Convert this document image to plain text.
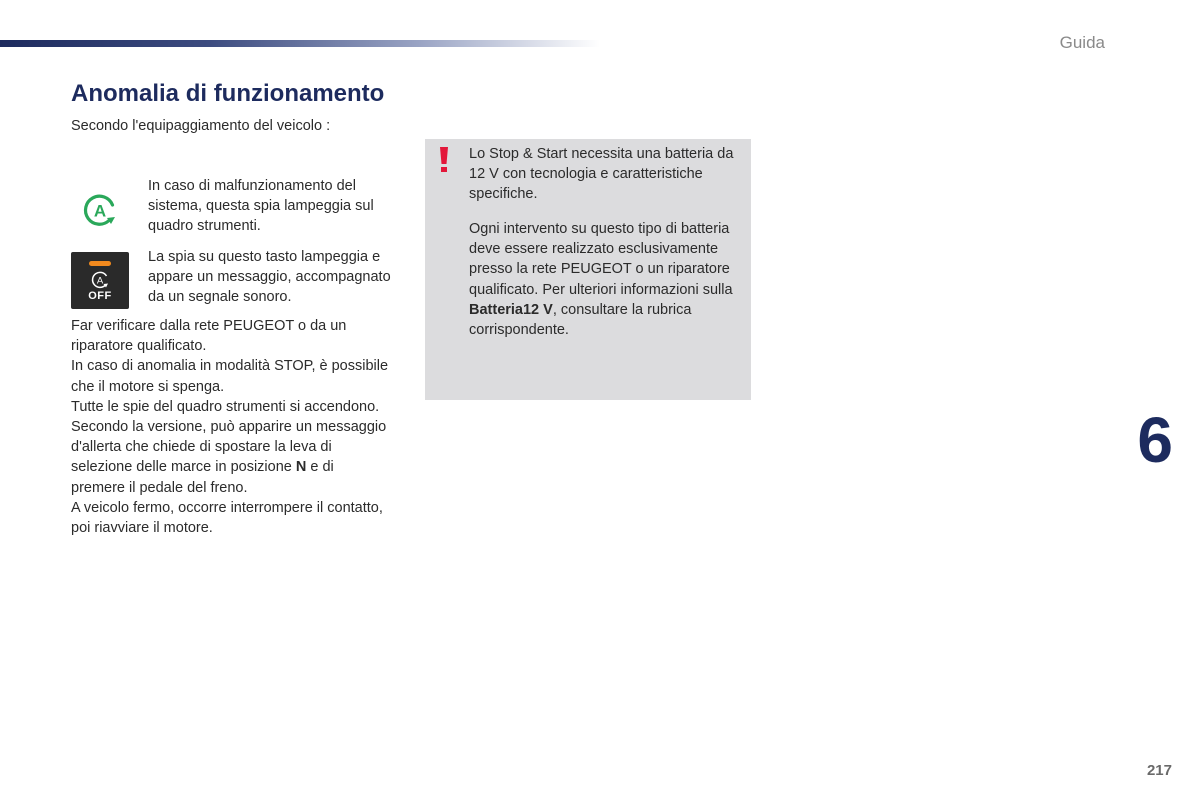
Guida
Anomalia di funzionamento

Secondo l'equipaggiamento del veicolo :

A

In caso di malfunzionamento del sistema, questa spia lampeggia sul quadro strumenti.

A
OFF

La spia su questo tasto lampeggia e appare un messaggio, accompagnato da un segnale sonoro.

Far verificare dalla rete PEUGEOT o da un riparatore qualificato.
In caso di anomalia in modalità STOP, è possibile che il motore si spenga.
Tutte le spie del quadro strumenti si accendono.
Secondo la versione, può apparire un messaggio d'allerta che chiede di spostare la leva di selezione delle marce in posizione N e di premere il pedale del freno.
A veicolo fermo, occorre interrompere il contatto, poi riavviare il motore.

Lo Stop & Start necessita una batteria da 12 V con tecnologia e caratteristiche specifiche.

Ogni intervento su questo tipo di batteria deve essere realizzato esclusivamente presso la rete PEUGEOT o un riparatore qualificato. Per ulteriori informazioni sulla Batteria12 V, consultare la rubrica corrispondente.

6
217
